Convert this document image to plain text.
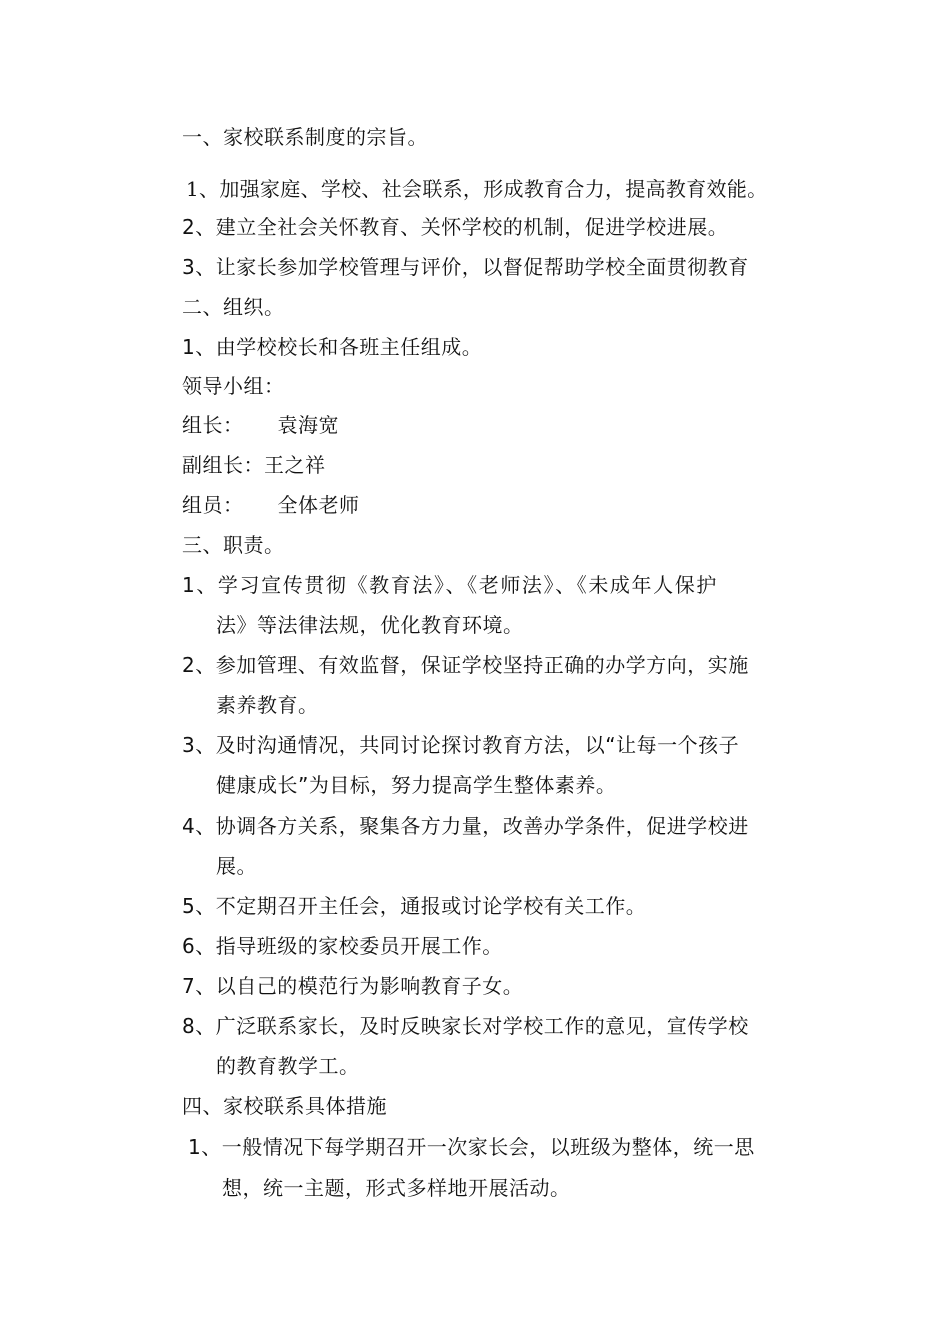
一、家校联系制度的宗旨。
1、加强家庭、学校、社会联系，形成教育合力，提高教育效能。
2、建立全社会关怀教育、关怀学校的机制，促进学校进展。
3、让家长参加学校管理与评价，以督促帮助学校全面贯彻教育
二、组织。
1、由学校校长和各班主任组成。
领导小组：
组长： 袁海宽
副组长：王之祥
组员： 全体老师
三、职责。
1、学习宣传贯彻《教育法》、《老师法》、《未成年人保护
法》等法律法规，优化教育环境。
2、参加管理、有效监督，保证学校坚持正确的办学方向，实施
素养教育。
3、及时沟通情况，共同讨论探讨教育方法，以“让每一个孩子
健康成长”为目标，努力提高学生整体素养。
4、协调各方关系，聚集各方力量，改善办学条件，促进学校进
展。
5、不定期召开主任会，通报或讨论学校有关工作。
6、指导班级的家校委员开展工作。
7、以自己的模范行为影响教育子女。
8、广泛联系家长，及时反映家长对学校工作的意见，宣传学校
的教育教学工。
四、家校联系具体措施
1、一般情况下每学期召开一次家长会，以班级为整体，统一思
想，统一主题，形式多样地开展活动。
